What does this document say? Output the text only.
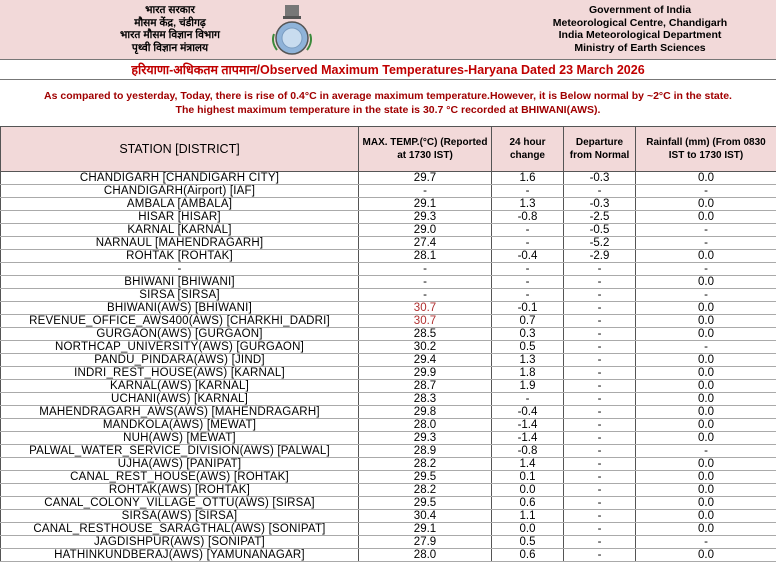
भारत सरकार
मौसम केंद्र, चंडीगढ़
भारत मौसम विज्ञान विभाग
पृथ्वी विज्ञान मंत्रालय
Government of India
Meteorological Centre, Chandigarh
India Meteorological Department
Ministry of Earth Sciences
हरियाणा-अधिकतम तापमान/Observed Maximum Temperatures-Haryana Dated 23 March 2026
As compared to yesterday, Today, there is rise of 0.4°C in average maximum temperature.However, it is Below normal by ~2°C in the state.
The highest maximum temperature in the state is 30.7 °C recorded at BHIWANI(AWS).
STATION [DISTRICT]	MAX. TEMP.(°C) (Reported at 1730 IST)	24 hour change	Departure from Normal	Rainfall (mm) (From 0830 IST to 1730 IST)
CHANDIGARH [CHANDIGARH CITY]	29.7	1.6	-0.3	0.0
CHANDIGARH(Airport) [IAF]	-	-	-	-
AMBALA [AMBALA]	29.1	1.3	-0.3	0.0
HISAR [HISAR]	29.3	-0.8	-2.5	0.0
KARNAL [KARNAL]	29.0	-	-0.5	-
NARNAUL [MAHENDRAGARH]	27.4	-	-5.2	-
ROHTAK [ROHTAK]	28.1	-0.4	-2.9	0.0
-	-	-	-	-
BHIWANI [BHIWANI]	-	-	-	0.0
SIRSA [SIRSA]	-	-	-	-
BHIWANI(AWS) [BHIWANI]	30.7	-0.1	-	0.0
REVENUE_OFFICE_AWS400(AWS) [CHARKHI_DADRI]	30.7	0.7	-	0.0
GURGAON(AWS) [GURGAON]	28.5	0.3	-	0.0
NORTHCAP_UNIVERSITY(AWS) [GURGAON]	30.2	0.5	-	-
PANDU_PINDARA(AWS) [JIND]	29.4	1.3	-	0.0
INDRI_REST_HOUSE(AWS) [KARNAL]	29.9	1.8	-	0.0
KARNAL(AWS) [KARNAL]	28.7	1.9	-	0.0
UCHANI(AWS) [KARNAL]	28.3	-	-	0.0
MAHENDRAGARH_AWS(AWS) [MAHENDRAGARH]	29.8	-0.4	-	0.0
MANDKOLA(AWS) [MEWAT]	28.0	-1.4	-	0.0
NUH(AWS) [MEWAT]	29.3	-1.4	-	0.0
PALWAL_WATER_SERVICE_DIVISION(AWS) [PALWAL]	28.9	-0.8	-	-
UJHA(AWS) [PANIPAT]	28.2	1.4	-	0.0
CANAL_REST_HOUSE(AWS) [ROHTAK]	29.5	0.1	-	0.0
ROHTAK(AWS) [ROHTAK]	28.2	0.0	-	0.0
CANAL_COLONY_VILLAGE_OTTU(AWS) [SIRSA]	29.5	0.6	-	0.0
SIRSA(AWS) [SIRSA]	30.4	1.1	-	0.0
CANAL_RESTHOUSE_SARAGTHAL(AWS) [SONIPAT]	29.1	0.0	-	0.0
JAGDISHPUR(AWS) [SONIPAT]	27.9	0.5	-	-
HATHINKUNDBERAJ(AWS) [YAMUNANAGAR]	28.0	0.6	-	0.0
